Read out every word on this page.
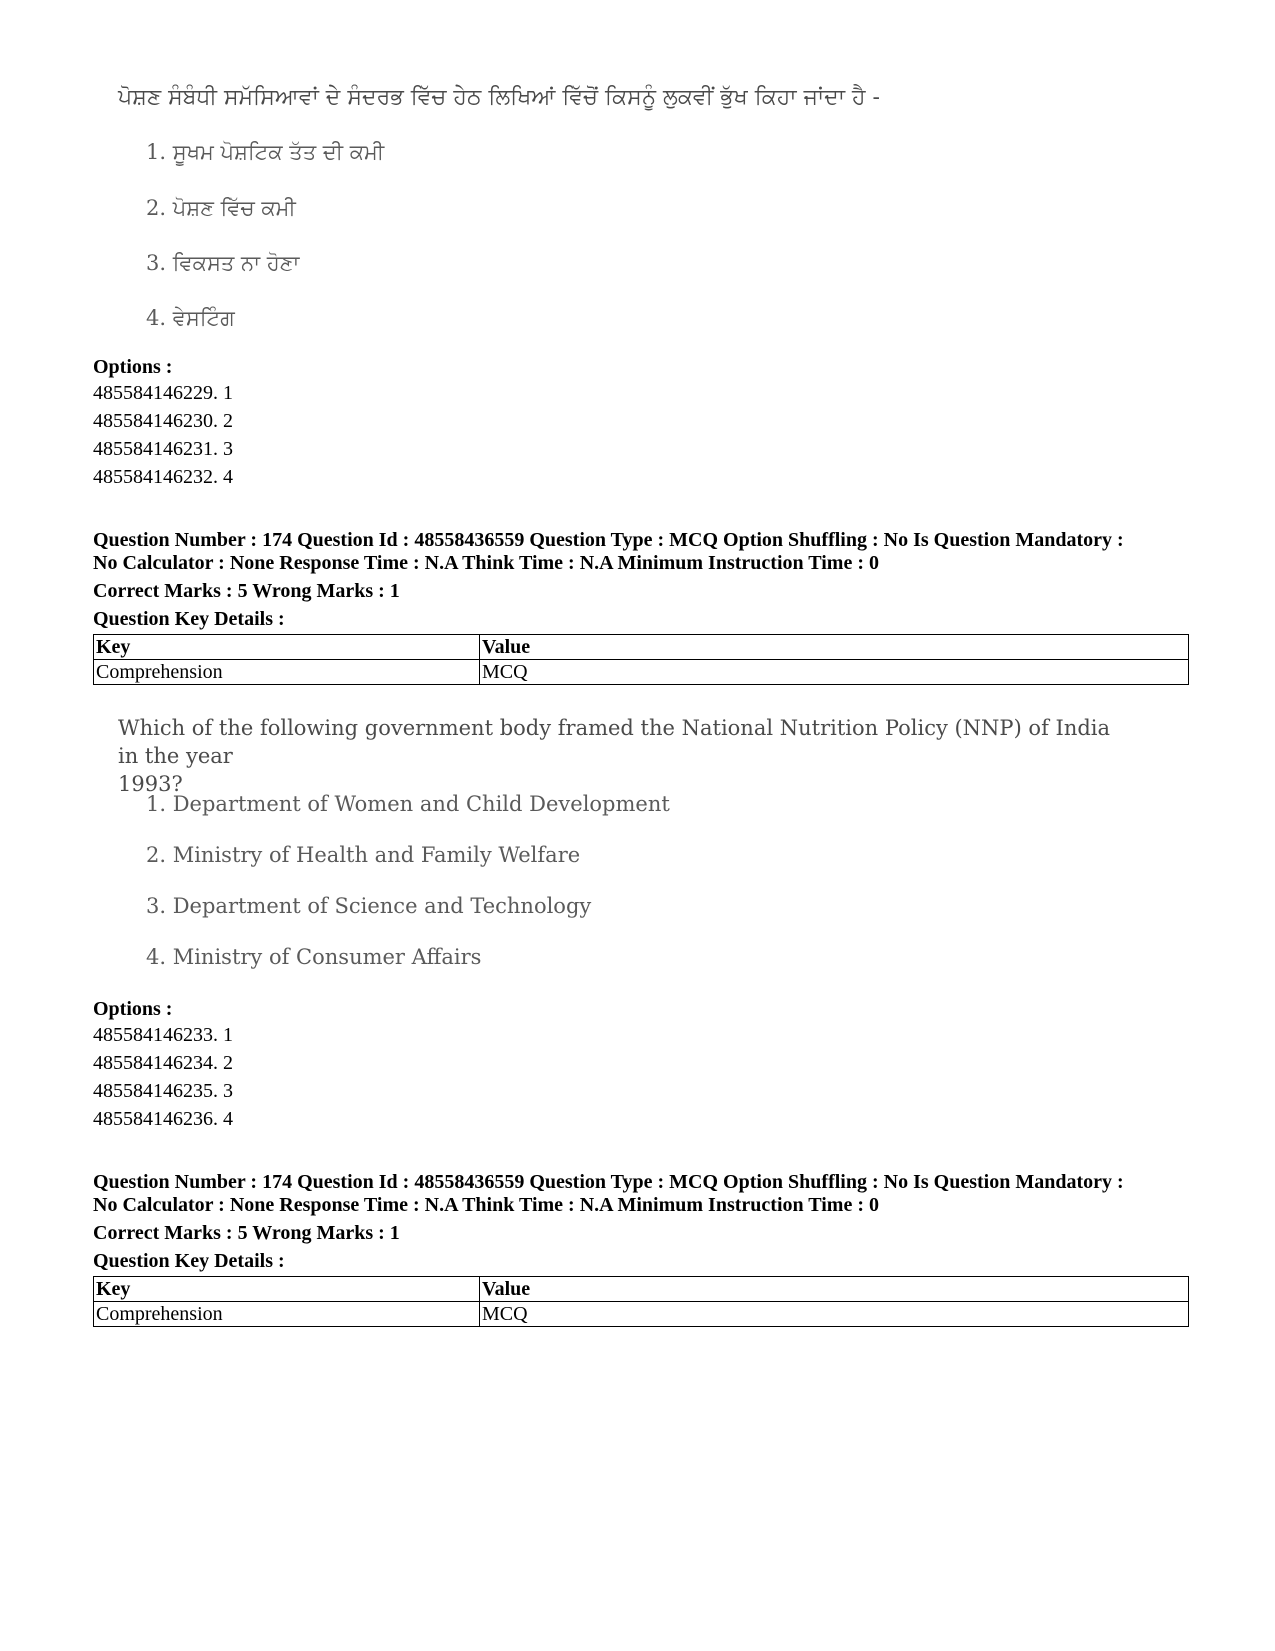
ਪੋਸ਼ਣ ਸੰਬੰਧੀ ਸਮੱਸਿਆਵਾਂ ਦੇ ਸੰਦਰਭ ਵਿੱਚ ਹੇਠ ਲਿਖਿਆਂ ਵਿੱਚੋਂ ਕਿਸਨੂੰ ਲੁਕਵੀਂ ਭੁੱਖ ਕਿਹਾ ਜਾਂਦਾ ਹੈ -

1. ਸੂਖਮ ਪੋਸ਼ਟਿਕ ਤੱਤ ਦੀ ਕਮੀ

2. ਪੋਸ਼ਣ ਵਿੱਚ ਕਮੀ

3. ਵਿਕਸਤ ਨਾ ਹੋਣਾ

4. ਵੇਸਟਿੰਗ

Options :
485584146229. 1
485584146230. 2
485584146231. 3
485584146232. 4
Question Number : 174 Question Id : 48558436559 Question Type : MCQ Option Shuffling : No Is Question Mandatory :
No Calculator : None Response Time : N.A Think Time : N.A Minimum Instruction Time : 0
Correct Marks : 5 Wrong Marks : 1
Question Key Details :
Key	Value
Comprehension	MCQ

Which of the following government body framed the National Nutrition Policy (NNP) of India in the year

1993?

1. Department of Women and Child Development

2. Ministry of Health and Family Welfare

3. Department of Science and Technology

4. Ministry of Consumer Affairs

Options :
485584146233. 1
485584146234. 2
485584146235. 3
485584146236. 4
Question Number : 174 Question Id : 48558436559 Question Type : MCQ Option Shuffling : No Is Question Mandatory :
No Calculator : None Response Time : N.A Think Time : N.A Minimum Instruction Time : 0
Correct Marks : 5 Wrong Marks : 1
Question Key Details :
Key	Value
Comprehension	MCQ
